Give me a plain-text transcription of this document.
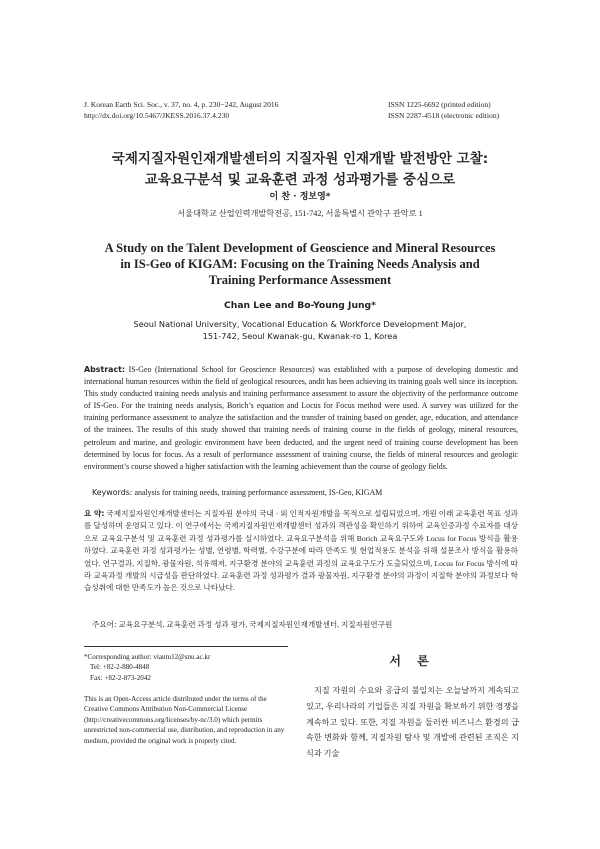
J. Korean Earth Sci. Soc., v. 37, no. 4, p. 230−242, August 2016
http://dx.doi.org/10.5467/JKESS.2016.37.4.230
ISSN 1225-6692 (printed edition)
ISSN 2287-4518 (electronic edition)
국제지질자원인재개발센터의 지질자원 인재개발 발전방안 고찰:
교육요구분석 및 교육훈련 과정 성과평가를 중심으로
이 찬 · 정보영*
서울대학교 산업인력개발학전공, 151-742, 서울특별시 관악구 관악로 1
A Study on the Talent Development of Geoscience and Mineral Resources
in IS-Geo of KIGAM: Focusing on the Training Needs Analysis and
Training Performance Assessment
Chan Lee and Bo-Young Jung*
Seoul National University, Vocational Education & Workforce Development Major,
151-742, Seoul Kwanak-gu, Kwanak-ro 1, Korea
Abstract: IS-Geo (International School for Geoscience Resources) was established with a purpose of developing domestic and international human resources within the field of geological resources, andit has been achieving its training goals well since its inception. This study conducted training needs analysis and training performance assessment to assure the objectivity of the performance outcome of IS-Geo. For the training needs analysis, Borich’s equation and Locus for Focus method were used. A survey was utilized for the training performance assessment to analyze the satisfaction and the transfer of training based on gender, age, education, and attendance of the trainees. The results of this study showed that training needs of training course in the fields of geology, mineral resources, petroleum and marine, and geologic environment have been deducted, and the urgent need of training course development has been determined by locus for focus. As a result of performance assessment of training course, the fields of mineral resources and geologic environment’s course showed a higher satisfaction with the learning achievement than the course of geology fields.
Keywords: analysis for training needs, training performance assessment, IS-Geo, KIGAM
요 약: 국제지질자원인재개발센터는 지질자원 분야의 국내 · 외 인적자원개발을 목적으로 설립되었으며, 개원 이래 교육훈련 목표 성과를 달성하며 운영되고 있다. 이 연구에서는 국제지질자원인재개발센터 성과의 객관성을 확인하기 위하여 교육인증과정 수료자를 대상으로 교육요구분석 및 교육훈련 과정 성과평가를 실시하였다. 교육요구분석을 위해 Borich 교육요구도와 Locus for Focus 방식을 활용하였다. 교육훈련 과정 성과평가는 성별, 연령별, 학력별, 수강구분에 따라 만족도 및 현업적용도 분석을 위해 설문조사 방식을 활용하였다. 연구결과, 지질학, 광물자원, 석유해저, 지구환경 분야의 교육훈련 과정의 교육요구도가 도출되었으며, Locus for Focus 방식에 따라 교육과정 개발의 시급성을 판단하였다. 교육훈련 과정 성과평가 결과 광물자원, 지구환경 분야의 과정이 지질학 분야의 과정보다 학습성취에 대한 만족도가 높은 것으로 나타났다.
주요어: 교육요구분석, 교육훈련 과정 성과 평가, 국제지질자원인재개발센터, 지질자원연구원
*Corresponding author: viautu12@snu.ac.kr
Tel: +82-2-880-4848
Fax: +82-2-873-2042
This is an Open-Access article distributed under the terms of the Creative Commons Attribution Non-Commercial License (http://creativecommons.org/licenses/by-nc/3.0) which permits unrestricted non-commercial use, distribution, and reproduction in any medium, provided the original work is properly cited.
서 론
지질 자원의 수요와 공급의 불일치는 오늘날까지 계속되고 있고, 우리나라의 기업들은 지질 자원을 확보하기 위한 경쟁을 계속하고 있다. 또한, 지질 자원을 둘러싼 비즈니스 환경의 급속한 변화와 함께, 지질자원 탐사 및 개발에 관련된 조직은 지식과 기술
